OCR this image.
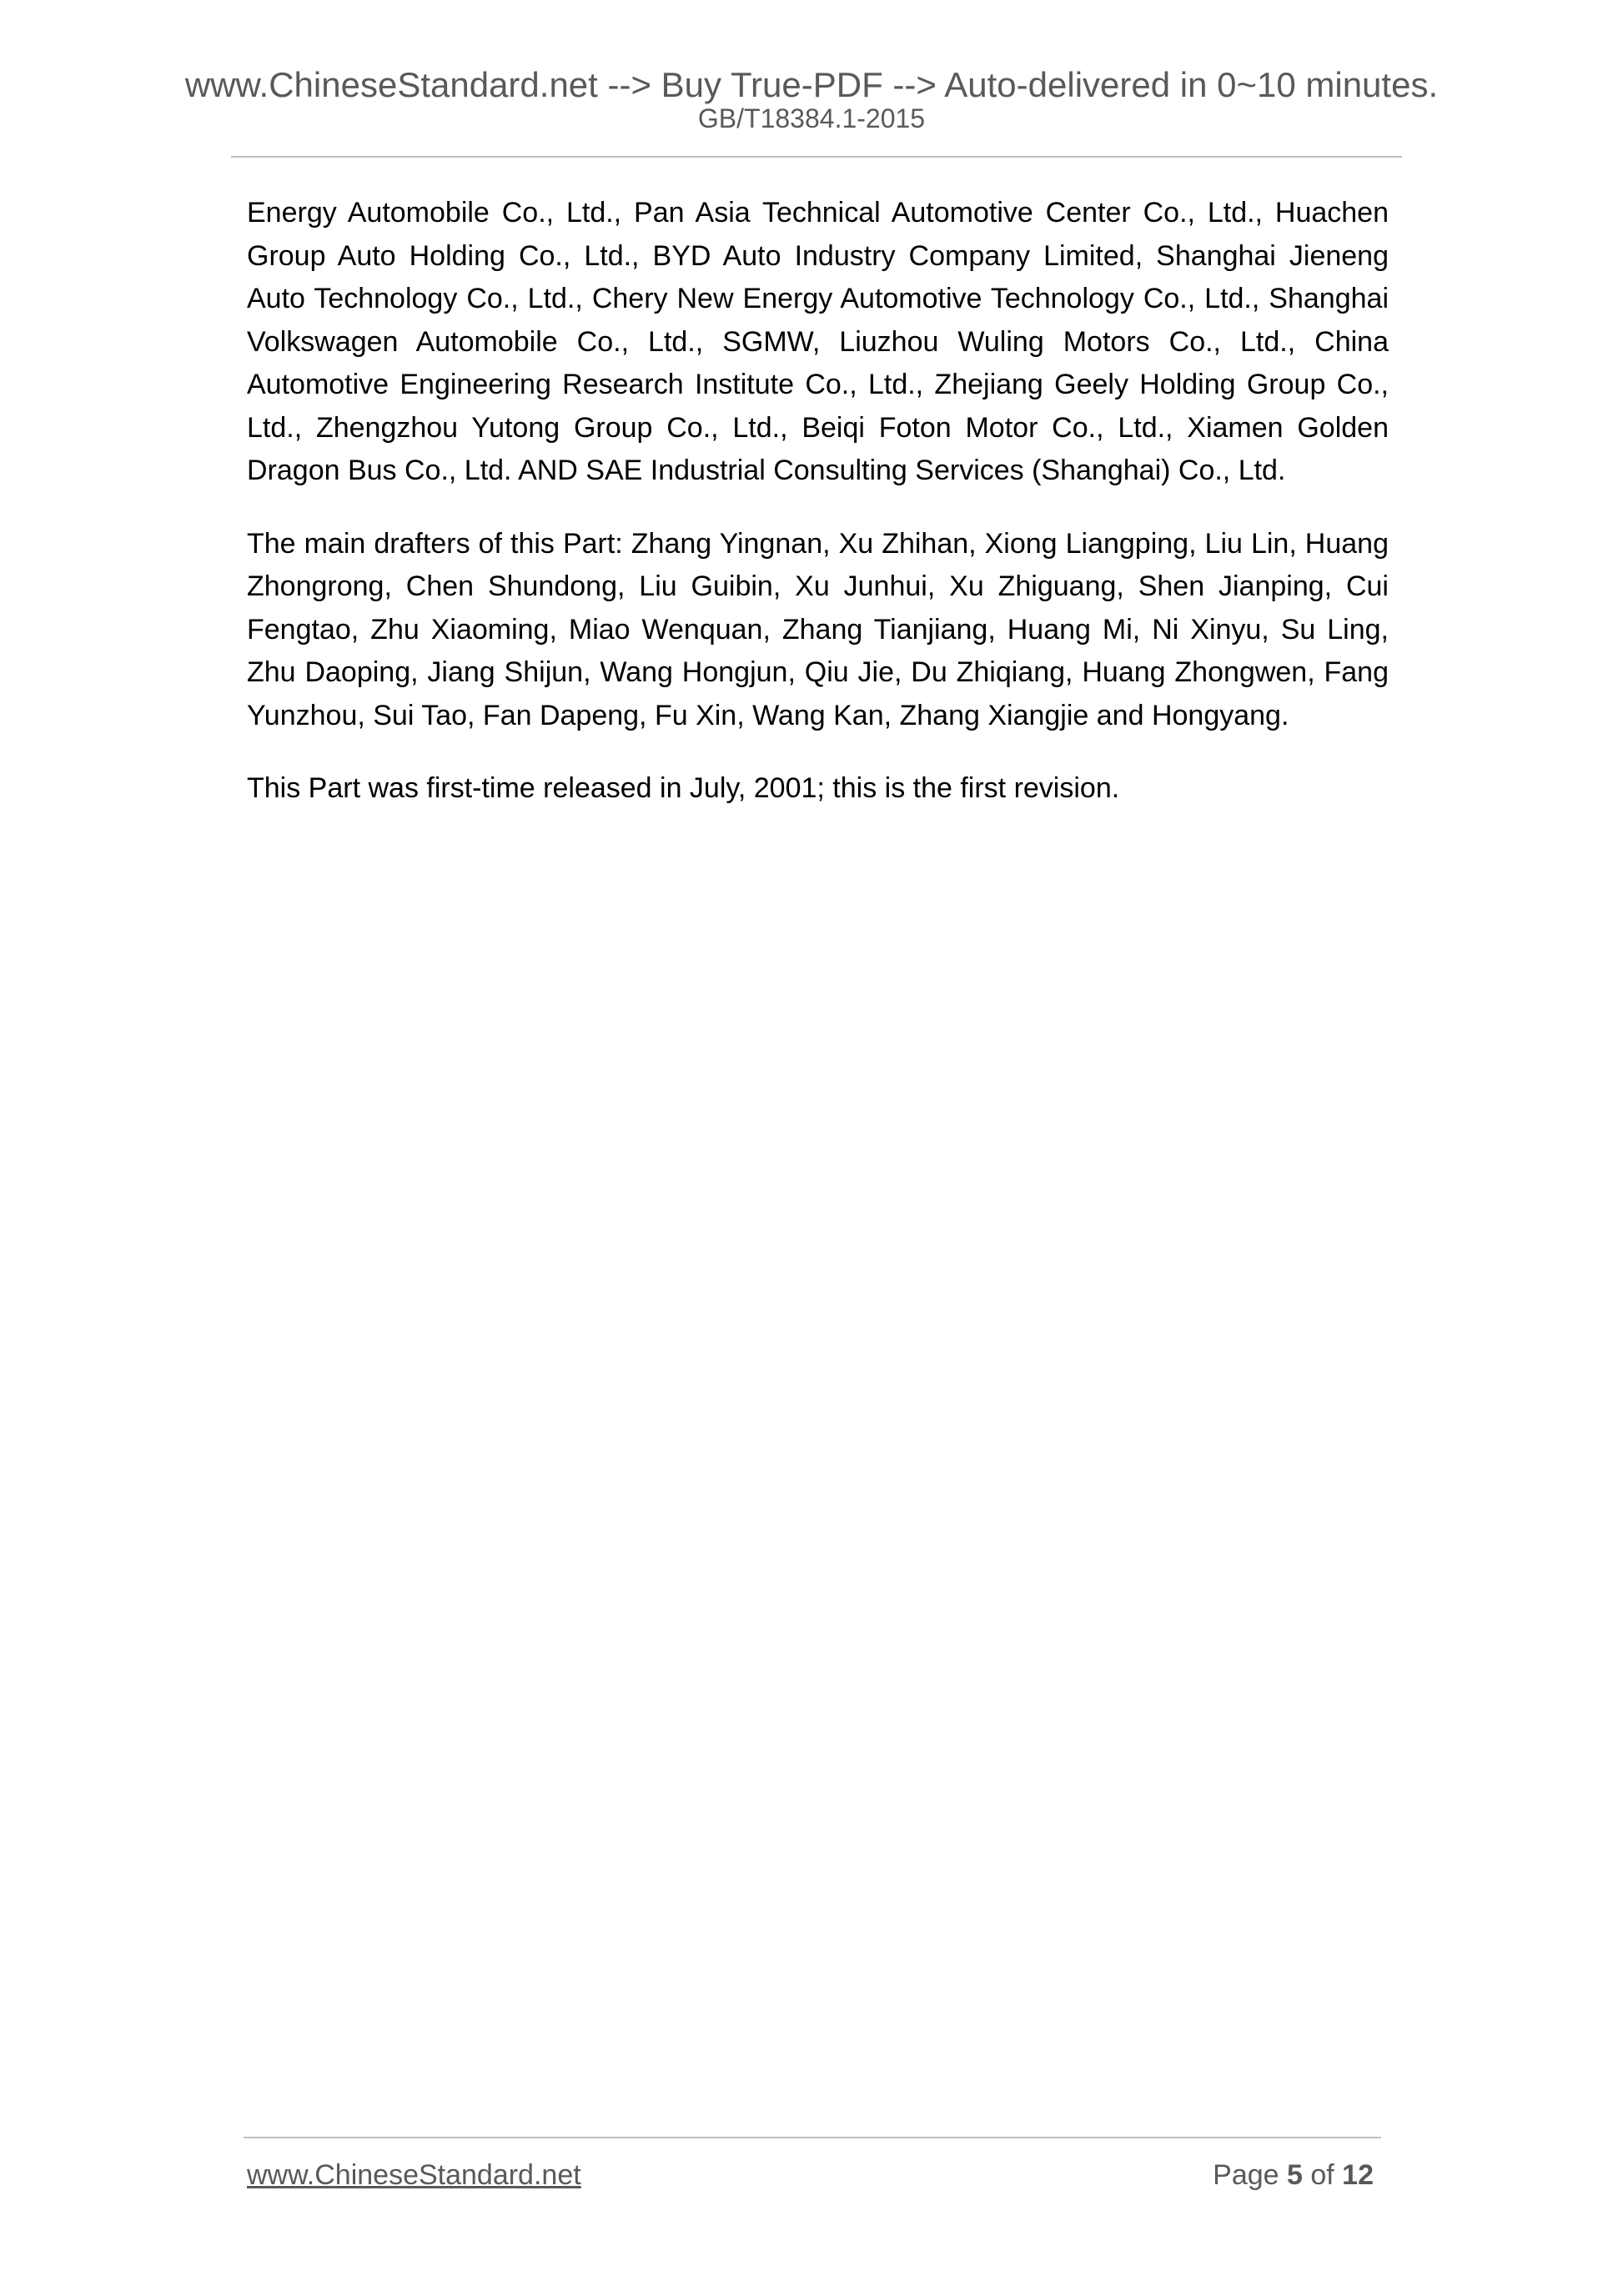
www.ChineseStandard.net --> Buy True-PDF --> Auto-delivered in 0~10 minutes.
GB/T18384.1-2015

Energy Automobile Co., Ltd., Pan Asia Technical Automotive Center Co., Ltd., Huachen Group Auto Holding Co., Ltd., BYD Auto Industry Company Limited, Shanghai Jieneng Auto Technology Co., Ltd., Chery New Energy Automotive Technology Co., Ltd., Shanghai Volkswagen Automobile Co., Ltd., SGMW, Liuzhou Wuling Motors Co., Ltd., China Automotive Engineering Research Institute Co., Ltd., Zhejiang Geely Holding Group Co., Ltd., Zhengzhou Yutong Group Co., Ltd., Beiqi Foton Motor Co., Ltd., Xiamen Golden Dragon Bus Co., Ltd. AND SAE Industrial Consulting Services (Shanghai) Co., Ltd.

The main drafters of this Part: Zhang Yingnan, Xu Zhihan, Xiong Liangping, Liu Lin, Huang Zhongrong, Chen Shundong, Liu Guibin, Xu Junhui, Xu Zhiguang, Shen Jianping, Cui Fengtao, Zhu Xiaoming, Miao Wenquan, Zhang Tianjiang, Huang Mi, Ni Xinyu, Su Ling, Zhu Daoping, Jiang Shijun, Wang Hongjun, Qiu Jie, Du Zhiqiang, Huang Zhongwen, Fang Yunzhou, Sui Tao, Fan Dapeng, Fu Xin, Wang Kan, Zhang Xiangjie and Hongyang.

This Part was first-time released in July, 2001; this is the first revision.

www.ChineseStandard.net	Page 5 of 12
